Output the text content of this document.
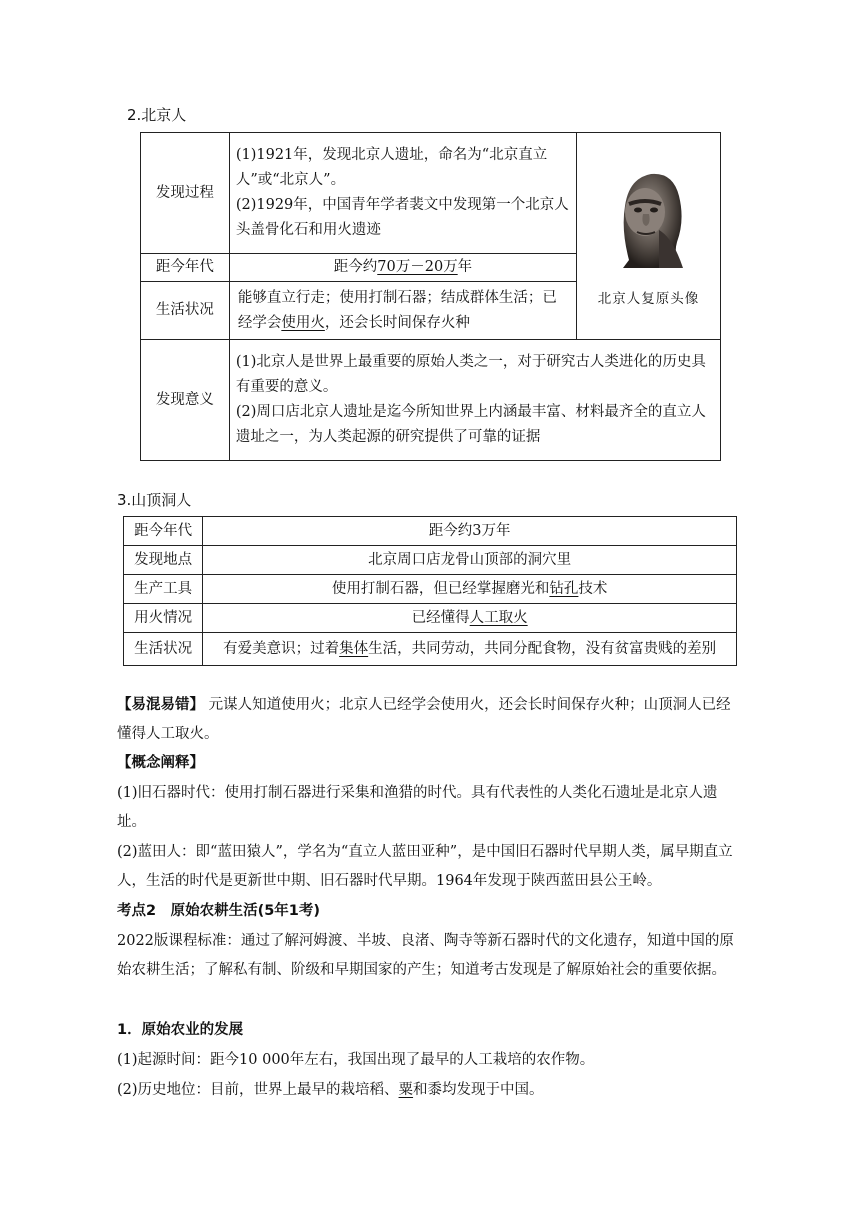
2.北京人
发现过程	(1)1921年，发现北京人遗址，命名为“北京直立人”或“北京人”。
(2)1929年，中国青年学者裴文中发现第一个北京人头盖骨化石和用火遗迹	北京人复原头像

距今年代	距今约70万－20万年	
生活状况	能够直立行走；使用打制石器；结成群体生活；已经学会使用火，还会长时间保存火种	
发现意义	(1)北京人是世界上最重要的原始人类之一，对于研究古人类进化的历史具有重要的意义。
(2)周口店北京人遗址是迄今所知世界上内涵最丰富、材料最齐全的直立人遗址之一，为人类起源的研究提供了可靠的证据	
3.山顶洞人
距今年代	距今约3万年
发现地点	北京周口店龙骨山顶部的洞穴里
生产工具	使用打制石器，但已经掌握磨光和钻孔技术
用火情况	已经懂得人工取火
生活状况	有爱美意识；过着集体生活，共同劳动，共同分配食物，没有贫富贵贱的差别
【易混易错】 元谋人知道使用火；北京人已经学会使用火，还会长时间保存火种；山顶洞人已经懂得人工取火。
【概念阐释】
(1)旧石器时代：使用打制石器进行采集和渔猎的时代。具有代表性的人类化石遗址是北京人遗址。
(2)蓝田人：即“蓝田猿人”，学名为“直立人蓝田亚种”，是中国旧石器时代早期人类，属早期直立人，生活的时代是更新世中期、旧石器时代早期。1964年发现于陕西蓝田县公王岭。
考点2　原始农耕生活(5年1考)
2022版课程标准：通过了解河姆渡、半坡、良渚、陶寺等新石器时代的文化遗存，知道中国的原始农耕生活；了解私有制、阶级和早期国家的产生；知道考古发现是了解原始社会的重要依据。
1．原始农业的发展
(1)起源时间：距今10 000年左右，我国出现了最早的人工栽培的农作物。
(2)历史地位：目前，世界上最早的栽培稻、粟和黍均发现于中国。
